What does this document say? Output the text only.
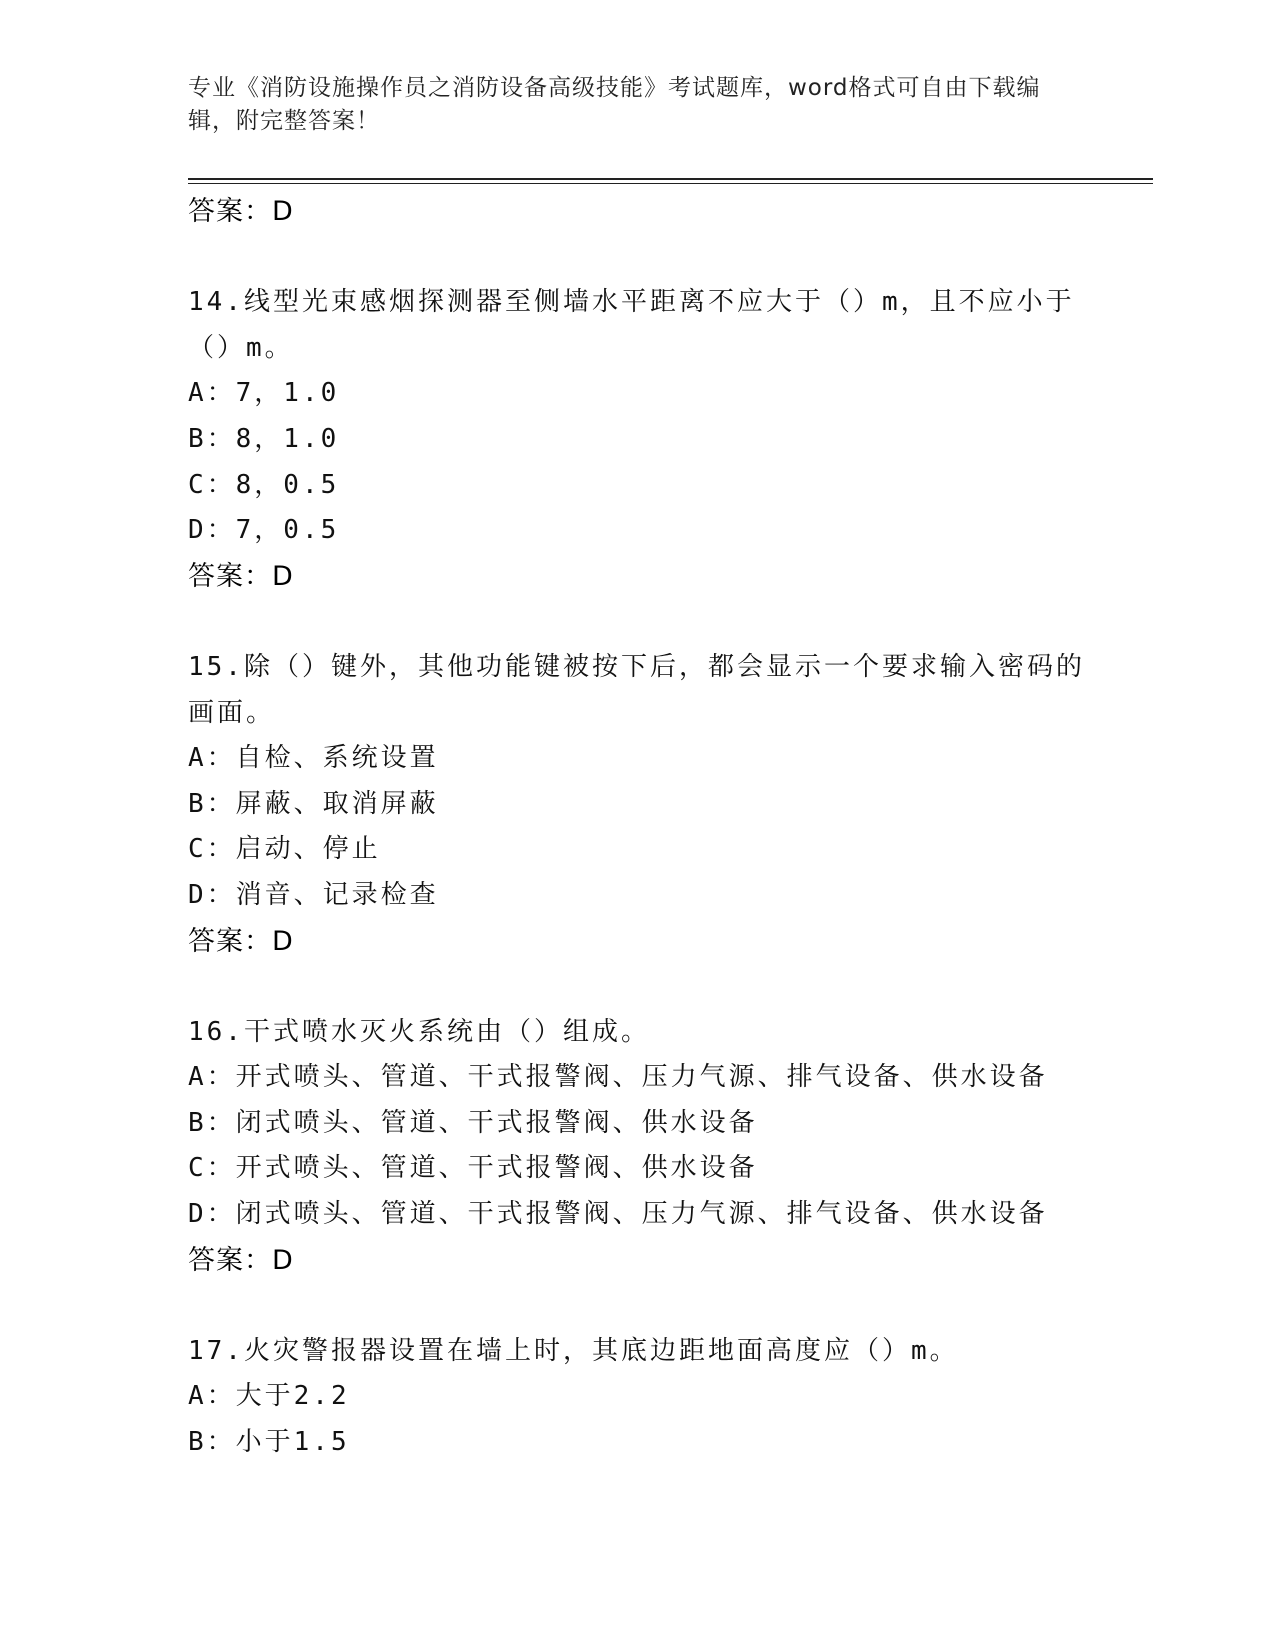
专业《消防设施操作员之消防设备高级技能》考试题库，word格式可自由下载编
辑，附完整答案！
答案：D
14.线型光束感烟探测器至侧墙水平距离不应大于（）m，且不应小于
（）m。
A：7，1.0
B：8，1.0
C：8，0.5
D：7，0.5
答案：D
15.除（）键外，其他功能键被按下后，都会显示一个要求输入密码的
画面。
A：自检、系统设置
B：屏蔽、取消屏蔽
C：启动、停止
D：消音、记录检查
答案：D
16.干式喷水灭火系统由（）组成。
A：开式喷头、管道、干式报警阀、压力气源、排气设备、供水设备
B：闭式喷头、管道、干式报警阀、供水设备
C：开式喷头、管道、干式报警阀、供水设备
D：闭式喷头、管道、干式报警阀、压力气源、排气设备、供水设备
答案：D
17.火灾警报器设置在墙上时，其底边距地面高度应（）m。
A：大于2.2
B：小于1.5
